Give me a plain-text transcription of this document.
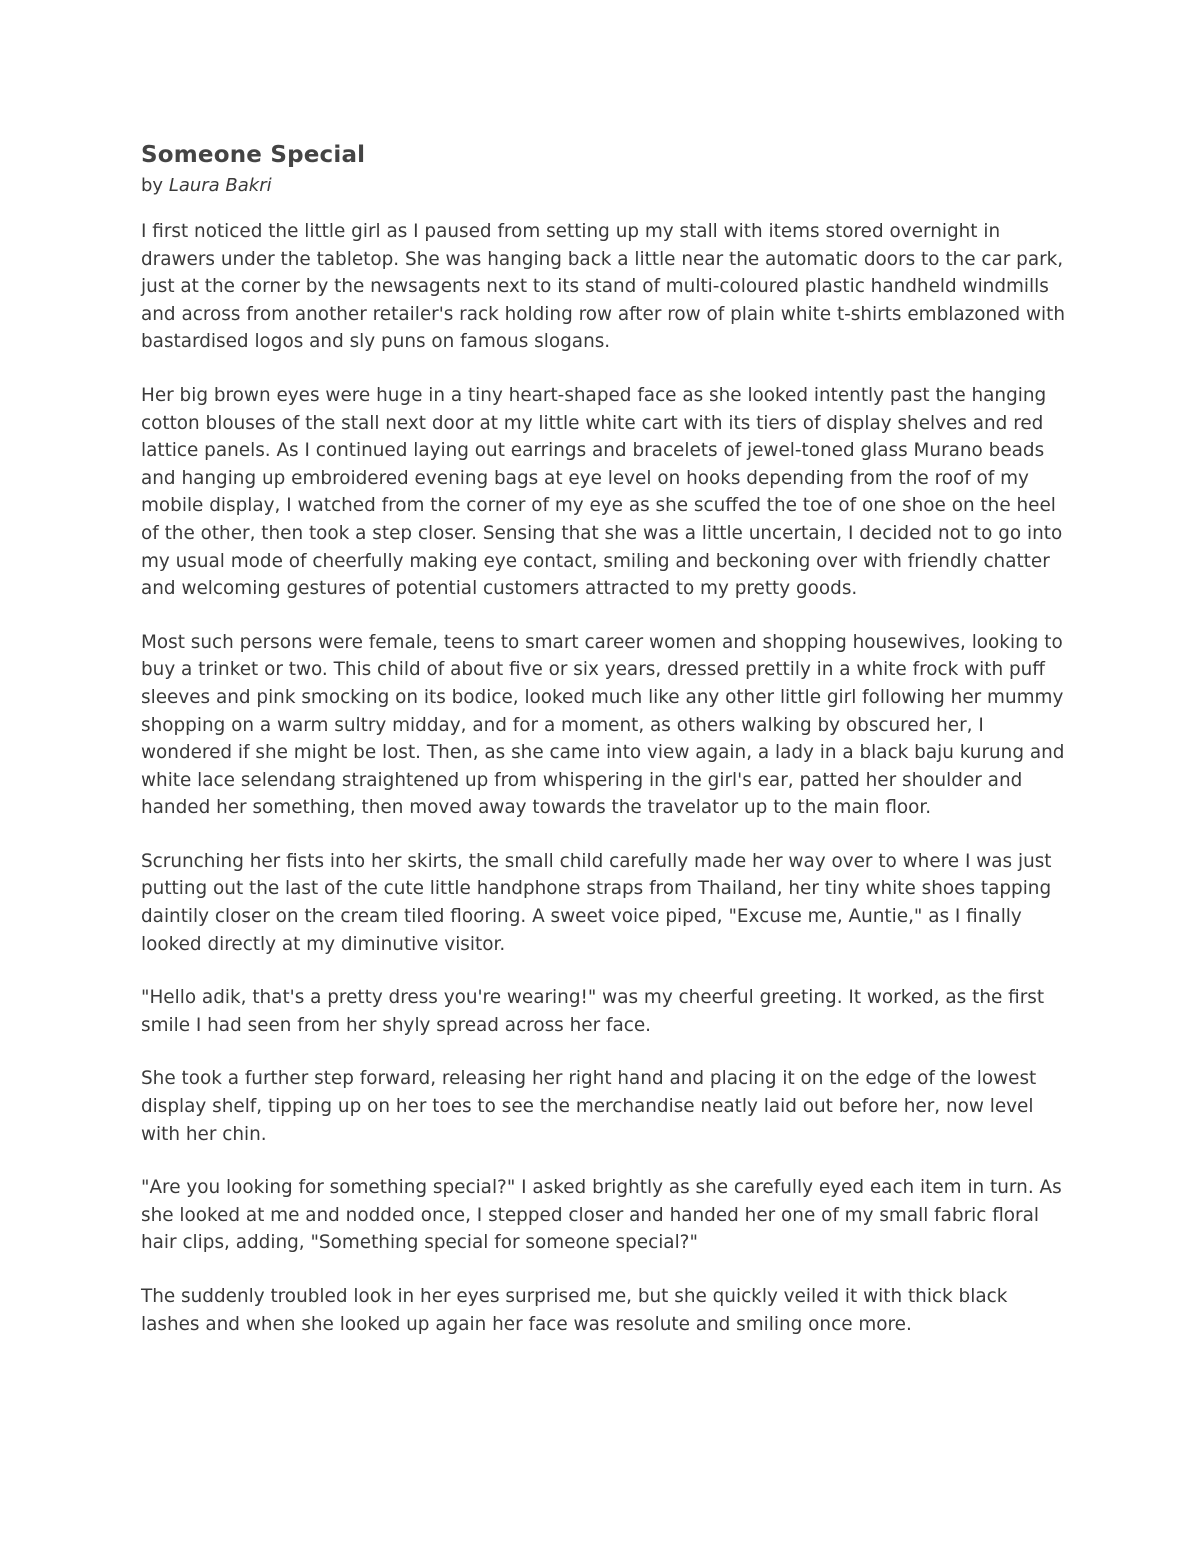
Someone Special

by Laura Bakri

I first noticed the little girl as I paused from setting up my stall with items stored overnight in drawers under the tabletop. She was hanging back a little near the automatic doors to the car park, just at the corner by the newsagents next to its stand of multi-coloured plastic handheld windmills and across from another retailer's rack holding row after row of plain white t-shirts emblazoned with bastardised logos and sly puns on famous slogans.

Her big brown eyes were huge in a tiny heart-shaped face as she looked intently past the hanging cotton blouses of the stall next door at my little white cart with its tiers of display shelves and red lattice panels. As I continued laying out earrings and bracelets of jewel-toned glass Murano beads and hanging up embroidered evening bags at eye level on hooks depending from the roof of my mobile display, I watched from the corner of my eye as she scuffed the toe of one shoe on the heel of the other, then took a step closer. Sensing that she was a little uncertain, I decided not to go into my usual mode of cheerfully making eye contact, smiling and beckoning over with friendly chatter and welcoming gestures of potential customers attracted to my pretty goods.

Most such persons were female, teens to smart career women and shopping housewives, looking to buy a trinket or two. This child of about five or six years, dressed prettily in a white frock with puff sleeves and pink smocking on its bodice, looked much like any other little girl following her mummy shopping on a warm sultry midday, and for a moment, as others walking by obscured her, I wondered if she might be lost. Then, as she came into view again, a lady in a black baju kurung and white lace selendang straightened up from whispering in the girl's ear, patted her shoulder and handed her something, then moved away towards the travelator up to the main floor.

Scrunching her fists into her skirts, the small child carefully made her way over to where I was just putting out the last of the cute little handphone straps from Thailand, her tiny white shoes tapping daintily closer on the cream tiled flooring. A sweet voice piped, "Excuse me, Auntie," as I finally looked directly at my diminutive visitor.

"Hello adik, that's a pretty dress you're wearing!" was my cheerful greeting. It worked, as the first smile I had seen from her shyly spread across her face.

She took a further step forward, releasing her right hand and placing it on the edge of the lowest display shelf, tipping up on her toes to see the merchandise neatly laid out before her, now level with her chin.

"Are you looking for something special?" I asked brightly as she carefully eyed each item in turn. As she looked at me and nodded once, I stepped closer and handed her one of my small fabric floral hair clips, adding, "Something special for someone special?"

The suddenly troubled look in her eyes surprised me, but she quickly veiled it with thick black lashes and when she looked up again her face was resolute and smiling once more.
